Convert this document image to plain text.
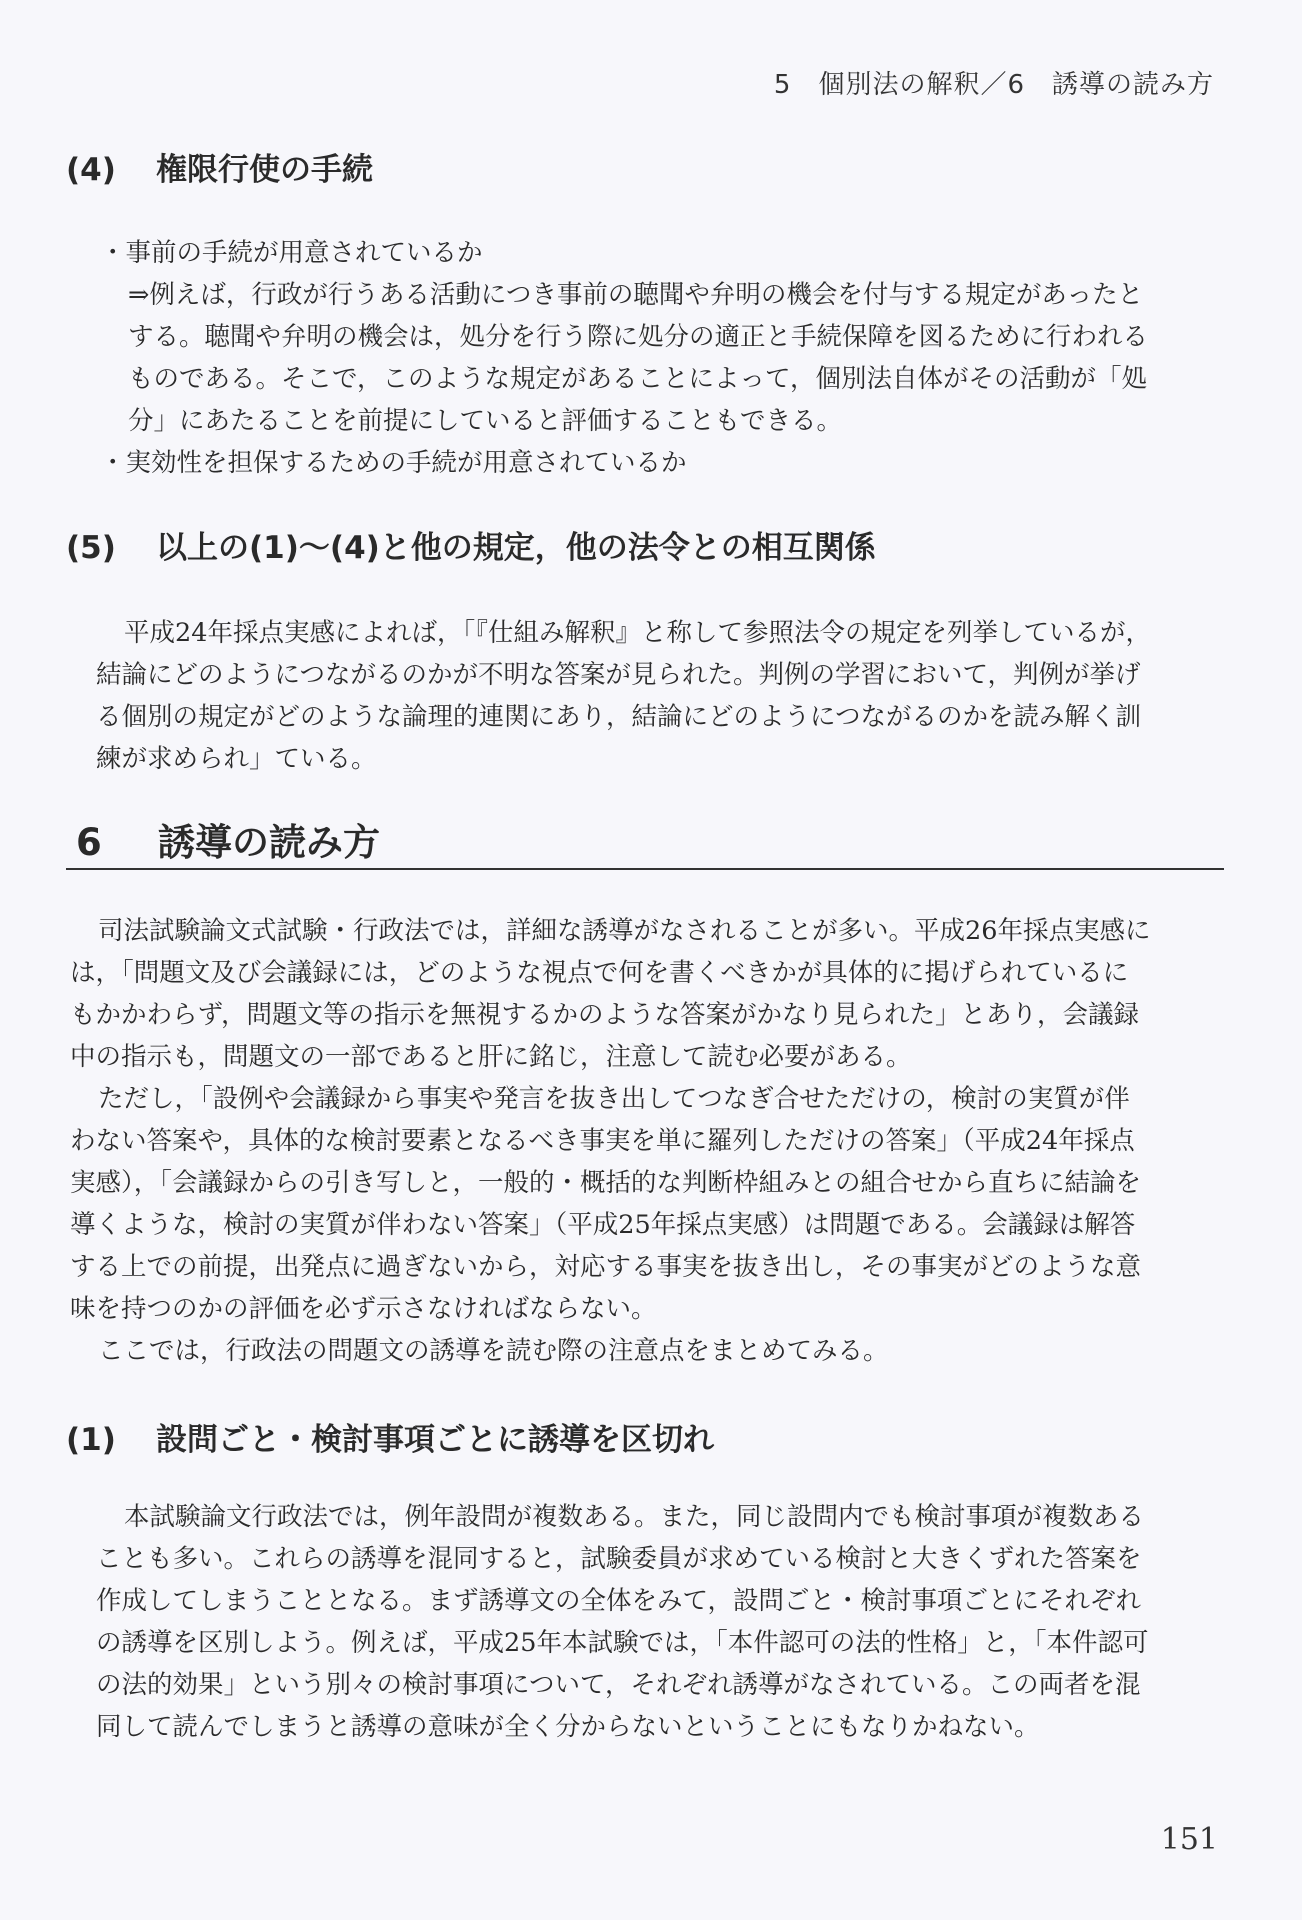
5　個別法の解釈／6　誘導の読み方
(4) 権限行使の手続
・事前の手続が用意されているか
⇒例えば，行政が行うある活動につき事前の聴聞や弁明の機会を付与する規定があったと
する。聴聞や弁明の機会は，処分を行う際に処分の適正と手続保障を図るために行われる
ものである。そこで，このような規定があることによって，個別法自体がその活動が「処
分」にあたることを前提にしていると評価することもできる。
・実効性を担保するための手続が用意されているか
(5) 以上の(1)〜(4)と他の規定，他の法令との相互関係
平成24年採点実感によれば，「『仕組み解釈』と称して参照法令の規定を列挙しているが，
結論にどのようにつながるのかが不明な答案が見られた。判例の学習において，判例が挙げ
る個別の規定がどのような論理的連関にあり，結論にどのようにつながるのかを読み解く訓
練が求められ」ている。
6 誘導の読み方
司法試験論文式試験・行政法では，詳細な誘導がなされることが多い。平成26年採点実感に
は，「問題文及び会議録には，どのような視点で何を書くべきかが具体的に掲げられているに
もかかわらず，問題文等の指示を無視するかのような答案がかなり見られた」とあり，会議録
中の指示も，問題文の一部であると肝に銘じ，注意して読む必要がある。
ただし，「設例や会議録から事実や発言を抜き出してつなぎ合せただけの，検討の実質が伴
わない答案や，具体的な検討要素となるべき事実を単に羅列しただけの答案」（平成24年採点
実感），「会議録からの引き写しと，一般的・概括的な判断枠組みとの組合せから直ちに結論を
導くような，検討の実質が伴わない答案」（平成25年採点実感）は問題である。会議録は解答
する上での前提，出発点に過ぎないから，対応する事実を抜き出し，その事実がどのような意
味を持つのかの評価を必ず示さなければならない。
ここでは，行政法の問題文の誘導を読む際の注意点をまとめてみる。
(1) 設問ごと・検討事項ごとに誘導を区切れ
本試験論文行政法では，例年設問が複数ある。また，同じ設問内でも検討事項が複数ある
ことも多い。これらの誘導を混同すると，試験委員が求めている検討と大きくずれた答案を
作成してしまうこととなる。まず誘導文の全体をみて，設問ごと・検討事項ごとにそれぞれ
の誘導を区別しよう。例えば，平成25年本試験では，「本件認可の法的性格」と，「本件認可
の法的効果」という別々の検討事項について，それぞれ誘導がなされている。この両者を混
同して読んでしまうと誘導の意味が全く分からないということにもなりかねない。
151
